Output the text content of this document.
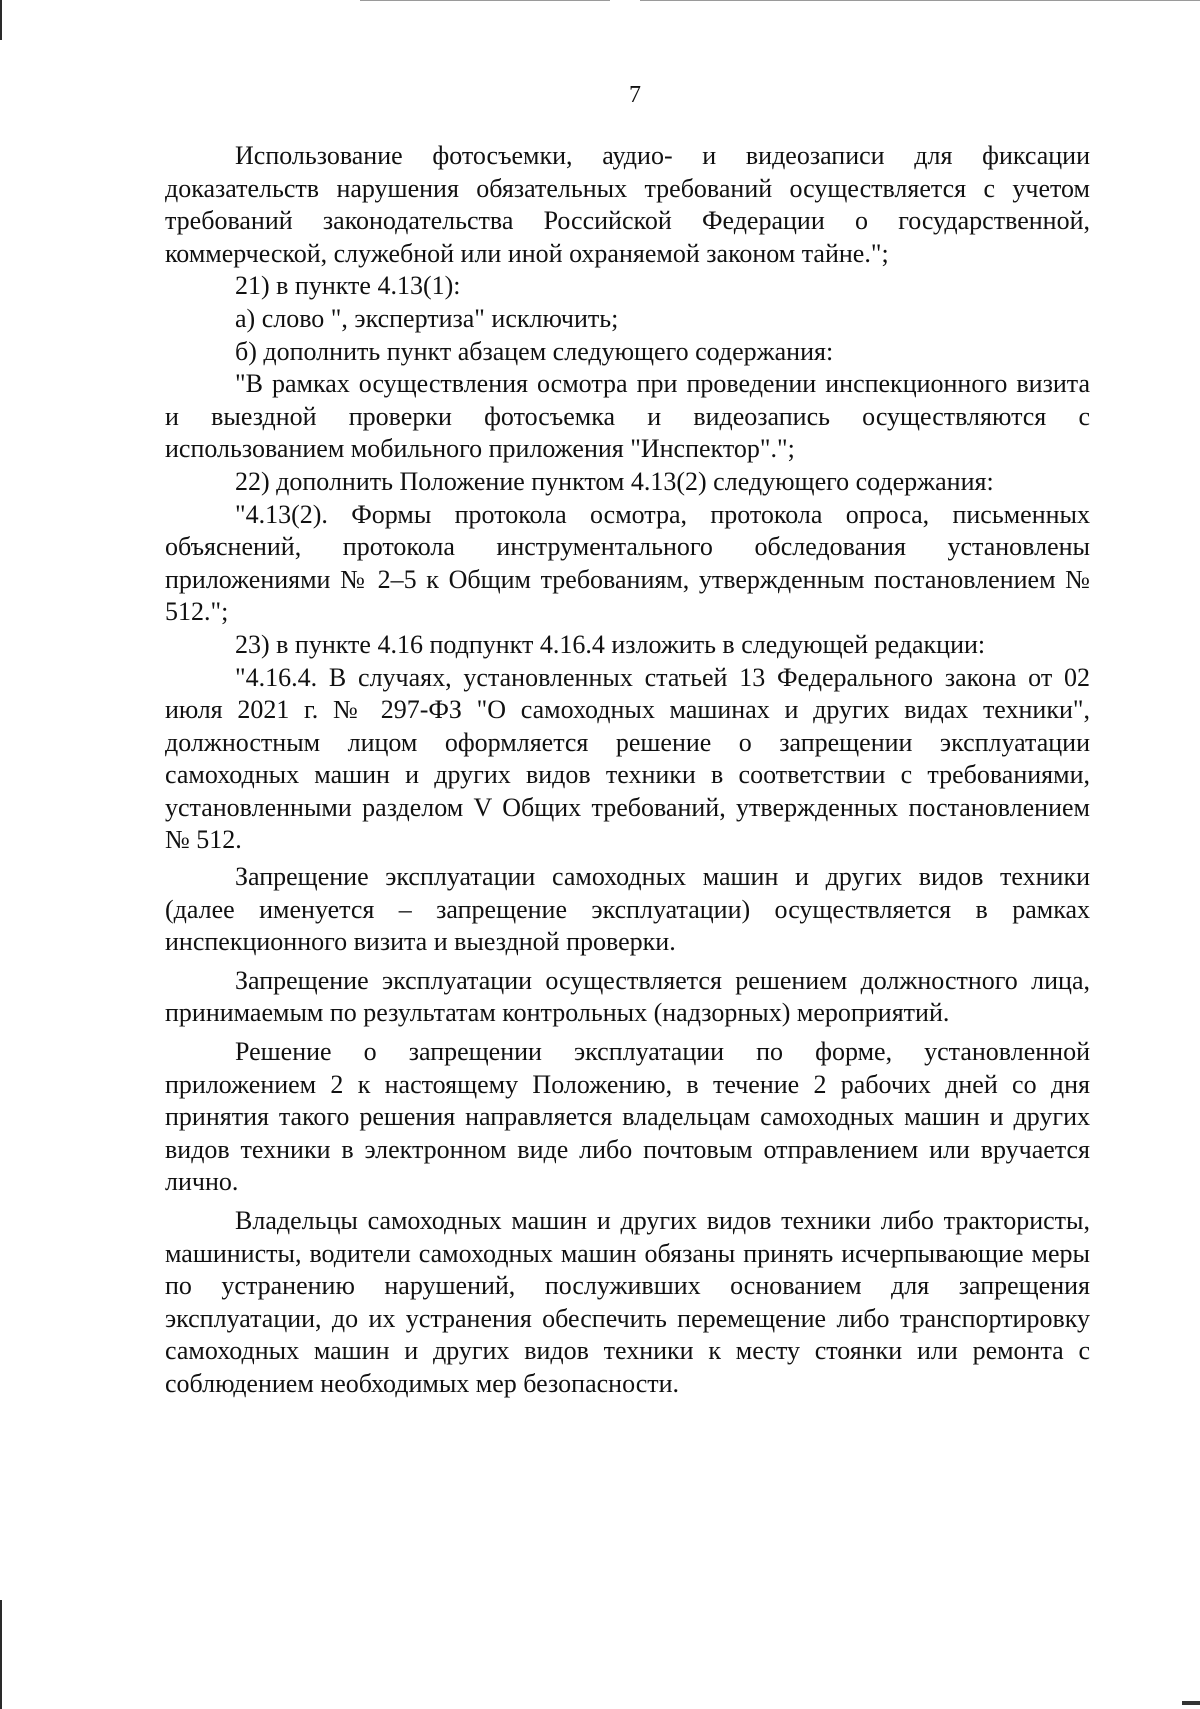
7

Использование фотосъемки, аудио- и видеозаписи для фиксации доказательств нарушения обязательных требований осуществляется с учетом требований законодательства Российской Федерации о государственной, коммерческой, служебной или иной охраняемой законом тайне.";

21) в пункте 4.13(1):

а) слово ", экспертиза" исключить;

б) дополнить пункт абзацем следующего содержания:

"В рамках осуществления осмотра при проведении инспекционного визита и выездной проверки фотосъемка и видеозапись осуществляются с использованием мобильного приложения "Инспектор".";

22) дополнить Положение пунктом 4.13(2) следующего содержания:

"4.13(2). Формы протокола осмотра, протокола опроса, письменных объяснений, протокола инструментального обследования установлены приложениями № 2–5 к Общим требованиям, утвержденным постановлением № 512.";

23) в пункте 4.16 подпункт 4.16.4 изложить в следующей редакции:

"4.16.4. В случаях, установленных статьей 13 Федерального закона от 02 июля 2021 г. № 297-ФЗ "О самоходных машинах и других видах техники", должностным лицом оформляется решение о запрещении эксплуатации самоходных машин и других видов техники в соответствии с требованиями, установленными разделом V Общих требований, утвержденных постановлением № 512.

Запрещение эксплуатации самоходных машин и других видов техники (далее именуется – запрещение эксплуатации) осуществляется в рамках инспекционного визита и выездной проверки.

Запрещение эксплуатации осуществляется решением должностного лица, принимаемым по результатам контрольных (надзорных) мероприятий.

Решение о запрещении эксплуатации по форме, установленной приложением 2 к настоящему Положению, в течение 2 рабочих дней со дня принятия такого решения направляется владельцам самоходных машин и других видов техники в электронном виде либо почтовым отправлением или вручается лично.

Владельцы самоходных машин и других видов техники либо трактористы, машинисты, водители самоходных машин обязаны принять исчерпывающие меры по устранению нарушений, послуживших основанием для запрещения эксплуатации, до их устранения обеспечить перемещение либо транспортировку самоходных машин и других видов техники к месту стоянки или ремонта с соблюдением необходимых мер безопасности.
